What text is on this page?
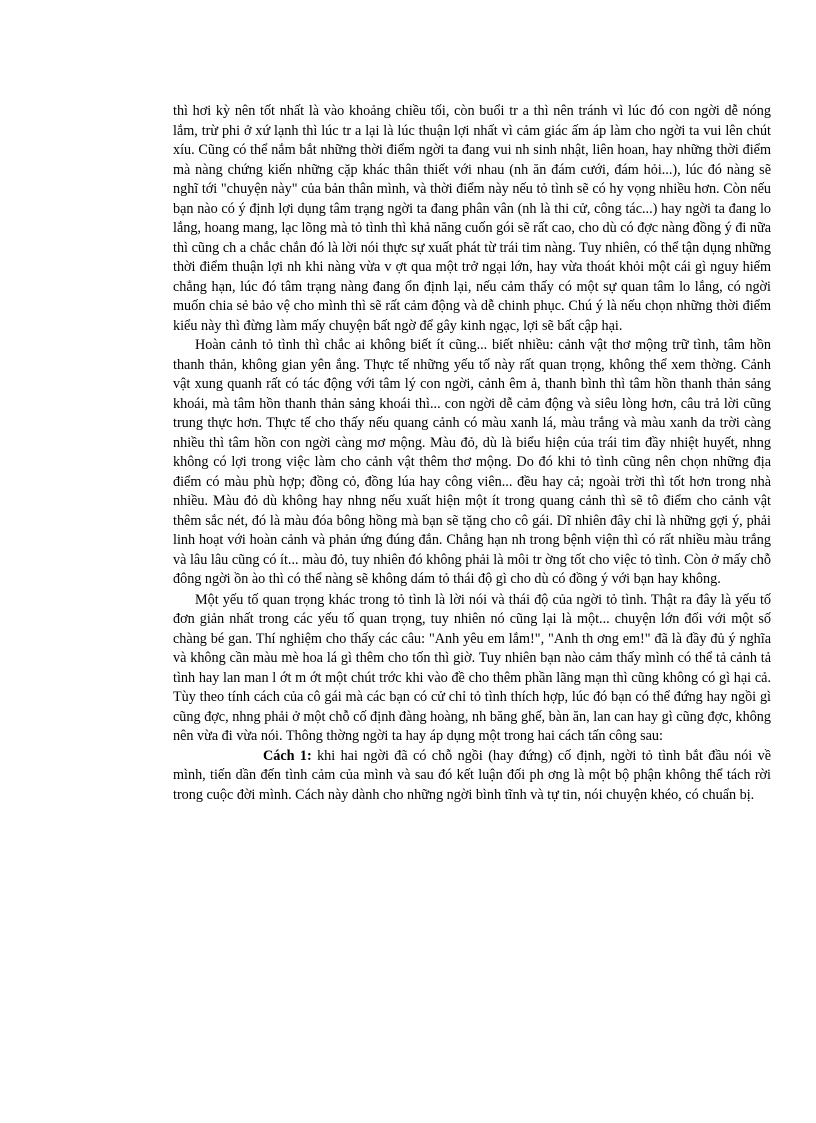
thì hơi kỳ nên tốt nhất là vào khoảng chiều tối, còn buổi tr a thì nên tránh vì lúc đó con ngời dễ nóng lắm, trừ phi ở xứ lạnh thì lúc tr a lại là lúc thuận lợi nhất vì cảm giác ấm áp làm cho ngời ta vui lên chút xíu. Cũng có thể nắm bắt những thời điểm ngời ta đang vui nh sinh nhật, liên hoan, hay những thời điểm mà nàng chứng kiến những cặp khác thân thiết với nhau (nh ăn đám cưới, đám hỏi...), lúc đó nàng sẽ nghĩ tới "chuyện này" của bản thân mình, và thời điểm này nếu tỏ tình sẽ có hy vọng nhiều hơn. Còn nếu bạn nào có ý định lợi dụng tâm trạng ngời ta đang phân vân (nh là thi cử, công tác...) hay ngời ta đang lo lắng, hoang mang, lạc lõng mà tỏ tình thì khả năng cuốn gói sẽ rất cao, cho dù có đợc nàng đồng ý đi nữa thì cũng ch a chắc chắn đó là lời nói thực sự xuất phát từ trái tim nàng. Tuy nhiên, có thể tận dụng những thời điểm thuận lợi nh khi nàng vừa v ợt qua một trở ngại lớn, hay vừa thoát khỏi một cái gì nguy hiểm chẳng hạn, lúc đó tâm trạng nàng đang ổn định lại, nếu cảm thấy có một sự quan tâm lo lắng, có ngời muốn chia sẻ bảo vệ cho mình thì sẽ rất cảm động và dễ chinh phục. Chú ý là nếu chọn những thời điểm kiểu này thì đừng làm mấy chuyện bất ngờ để gây kinh ngạc, lợi sẽ bất cập hại.

Hoàn cảnh tỏ tình thì chắc ai không biết ít cũng... biết nhiều: cảnh vật thơ mộng trữ tình, tâm hồn thanh thản, không gian yên ắng. Thực tế những yếu tố này rất quan trọng, không thể xem thờng. Cảnh vật xung quanh rất có tác động với tâm lý con ngời, cảnh êm ả, thanh bình thì tâm hồn thanh thản sảng khoái, mà tâm hồn thanh thản sảng khoái thì... con ngời dễ cảm động và siêu lòng hơn, câu trả lời cũng trung thực hơn. Thực tế cho thấy nếu quang cảnh có màu xanh lá, màu trắng và màu xanh da trời càng nhiều thì tâm hồn con ngời càng mơ mộng. Màu đỏ, dù là biểu hiện của trái tim đầy nhiệt huyết, nhng không có lợi trong việc làm cho cảnh vật thêm thơ mộng. Do đó khi tỏ tình cũng nên chọn những địa điểm có màu phù hợp; đồng cỏ, đồng lúa hay công viên... đều hay cả; ngoài trời thì tốt hơn trong nhà nhiều. Màu đỏ dù không hay nhng nếu xuất hiện một ít trong quang cảnh thì sẽ tô điểm cho cảnh vật thêm sắc nét, đó là màu đóa bông hồng mà bạn sẽ tặng cho cô gái. Dĩ nhiên đây chỉ là những gợi ý, phải linh hoạt với hoàn cảnh và phản ứng đúng đắn. Chẳng hạn nh trong bệnh viện thì có rất nhiều màu trắng và lâu lâu cũng có ít... màu đỏ, tuy nhiên đó không phải là môi tr ờng tốt cho việc tỏ tình. Còn ở mấy chỗ đông ngời ồn ào thì có thể nàng sẽ không dám tỏ thái độ gì cho dù có đồng ý với bạn hay không.

Một yếu tố quan trọng khác trong tỏ tình là lời nói và thái độ của ngời tỏ tình. Thật ra đây là yếu tố đơn giản nhất trong các yếu tố quan trọng, tuy nhiên nó cũng lại là một... chuyện lớn đối với một số chàng bé gan. Thí nghiệm cho thấy các câu: "Anh yêu em lắm!", "Anh th ơng em!" đã là đầy đủ ý nghĩa và không cần màu mè hoa lá gì thêm cho tốn thì giờ. Tuy nhiên bạn nào cảm thấy mình có thể tả cảnh tả tình hay lan man l ớt m ớt một chút trớc khi vào đề cho thêm phần lãng mạn thì cũng không có gì hại cả. Tùy theo tính cách của cô gái mà các bạn có cử chỉ tỏ tình thích hợp, lúc đó bạn có thể đứng hay ngồi gì cũng đợc, nhng phải ở một chỗ cố định đàng hoàng, nh băng ghế, bàn ăn, lan can hay gì cũng đợc, không nên vừa đi vừa nói. Thông thờng ngời ta hay áp dụng một trong hai cách tấn công sau:

Cách 1: khi hai ngời đã có chỗ ngồi (hay đứng) cố định, ngời tỏ tình bắt đầu nói về mình, tiến dần đến tình cảm của mình và sau đó kết luận đối ph ơng là một bộ phận không thể tách rời trong cuộc đời mình. Cách này dành cho những ngời bình tĩnh và tự tin, nói chuyện khéo, có chuẩn bị.
